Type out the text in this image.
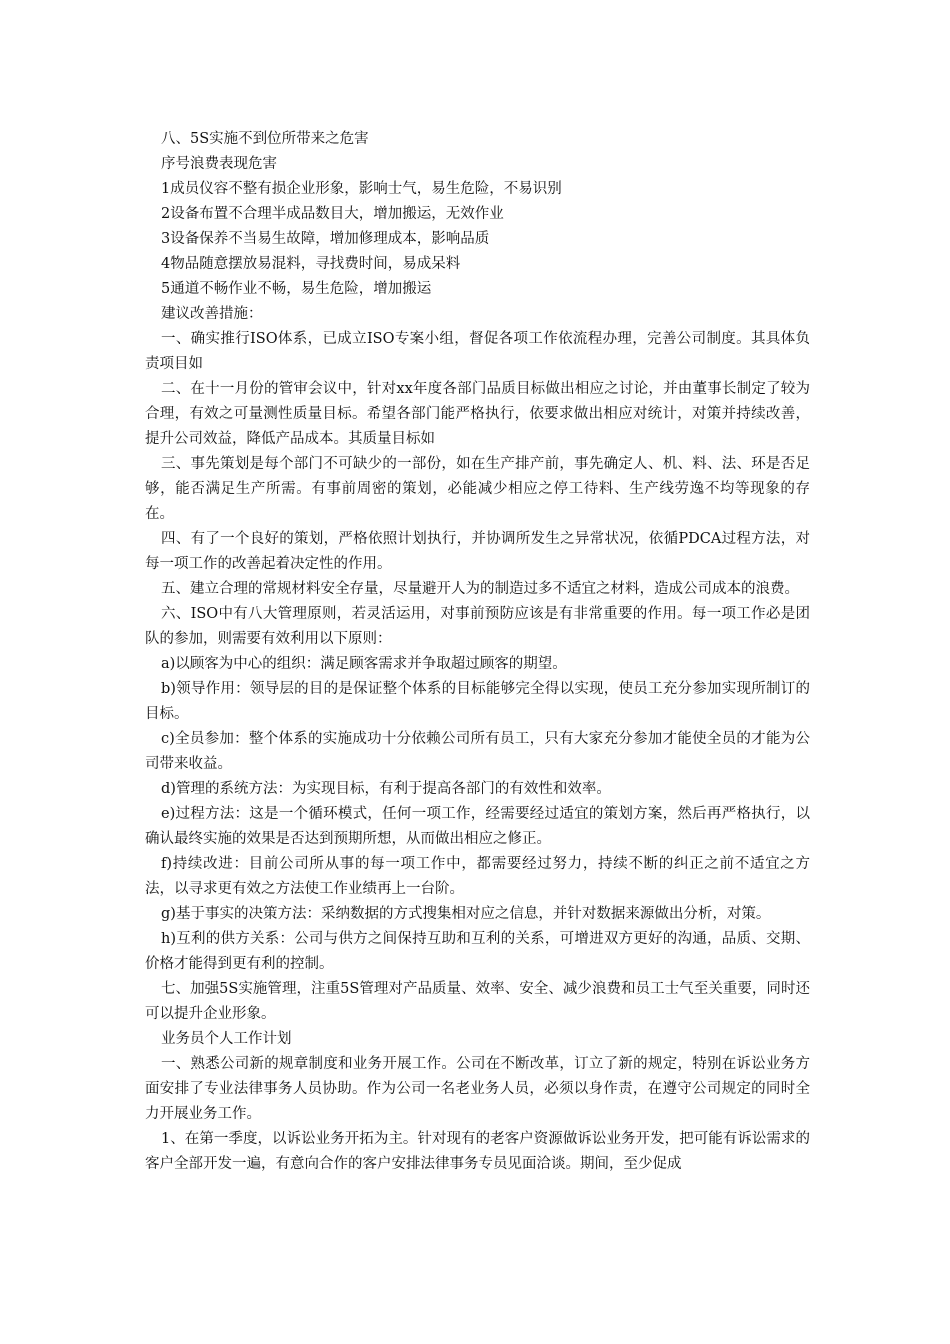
八、5S实施不到位所带来之危害

序号浪费表现危害

1成员仪容不整有损企业形象，影响士气，易生危险，不易识别

2设备布置不合理半成品数目大，增加搬运，无效作业

3设备保养不当易生故障，增加修理成本，影响品质

4物品随意摆放易混料，寻找费时间，易成呆料

5通道不畅作业不畅，易生危险，增加搬运

建议改善措施：

一、确实推行ISO体系，已成立ISO专案小组，督促各项工作依流程办理，完善公司制度。其具体负责项目如

二、在十一月份的管审会议中，针对xx年度各部门品质目标做出相应之讨论，并由董事长制定了较为合理，有效之可量测性质量目标。希望各部门能严格执行，依要求做出相应对统计，对策并持续改善，提升公司效益，降低产品成本。其质量目标如

三、事先策划是每个部门不可缺少的一部份，如在生产排产前，事先确定人、机、料、法、环是否足够，能否满足生产所需。有事前周密的策划，必能减少相应之停工待料、生产线劳逸不均等现象的存在。

四、有了一个良好的策划，严格依照计划执行，并协调所发生之异常状况，依循PDCA过程方法，对每一项工作的改善起着决定性的作用。

五、建立合理的常规材料安全存量，尽量避开人为的制造过多不适宜之材料，造成公司成本的浪费。

六、ISO中有八大管理原则，若灵活运用，对事前预防应该是有非常重要的作用。每一项工作必是团队的参加，则需要有效利用以下原则：

a)以顾客为中心的组织：满足顾客需求并争取超过顾客的期望。

b)领导作用：领导层的目的是保证整个体系的目标能够完全得以实现，使员工充分参加实现所制订的目标。

c)全员参加：整个体系的实施成功十分依赖公司所有员工，只有大家充分参加才能使全员的才能为公司带来收益。

d)管理的系统方法：为实现目标，有利于提高各部门的有效性和效率。

e)过程方法：这是一个循环模式，任何一项工作，经需要经过适宜的策划方案，然后再严格执行，以确认最终实施的效果是否达到预期所想，从而做出相应之修正。

f)持续改进：目前公司所从事的每一项工作中，都需要经过努力，持续不断的纠正之前不适宜之方法，以寻求更有效之方法使工作业绩再上一台阶。

g)基于事实的决策方法：采纳数据的方式搜集相对应之信息，并针对数据来源做出分析，对策。

h)互利的供方关系：公司与供方之间保持互助和互利的关系，可增进双方更好的沟通，品质、交期、价格才能得到更有利的控制。

七、加强5S实施管理，注重5S管理对产品质量、效率、安全、减少浪费和员工士气至关重要，同时还可以提升企业形象。

业务员个人工作计划

一、熟悉公司新的规章制度和业务开展工作。公司在不断改革，订立了新的规定，特别在诉讼业务方面安排了专业法律事务人员协助。作为公司一名老业务人员，必须以身作责，在遵守公司规定的同时全力开展业务工作。

1、在第一季度，以诉讼业务开拓为主。针对现有的老客户资源做诉讼业务开发，把可能有诉讼需求的客户全部开发一遍，有意向合作的客户安排法律事务专员见面洽谈。期间，至少促成
